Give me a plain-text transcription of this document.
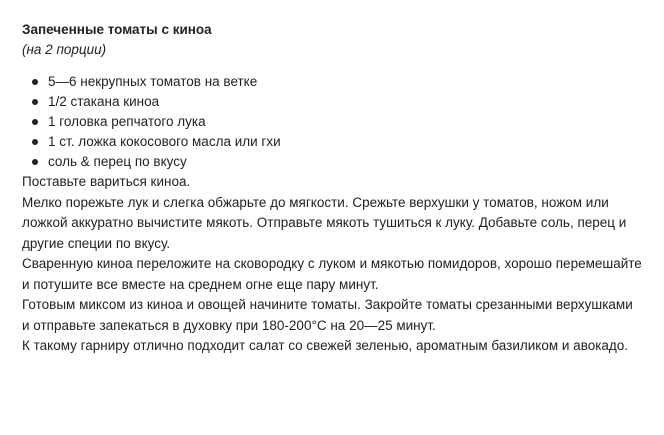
Запеченные томаты с киноа
(на 2 порции)
5—6 некрупных томатов на ветке
1/2 стакана киноа
1 головка репчатого лука
1 ст. ложка кокосового масла или гхи
соль & перец по вкусу

Поставьте вариться киноа.

Мелко порежьте лук и слегка обжарьте до мягкости. Срежьте верхушки у томатов, ножом или ложкой аккуратно вычистите мякоть. Отправьте мякоть тушиться к луку. Добавьте соль, перец и другие специи по вкусу.

Сваренную киноа переложите на сковородку с луком и мякотью помидоров, хорошо перемешайте и потушите все вместе на среднем огне еще пару минут.

Готовым миксом из киноа и овощей начините томаты. Закройте томаты срезанными верхушками и отправьте запекаться в духовку при 180-200°C на 20—25 минут.

К такому гарниру отлично подходит салат со свежей зеленью, ароматным базиликом и авокадо.
